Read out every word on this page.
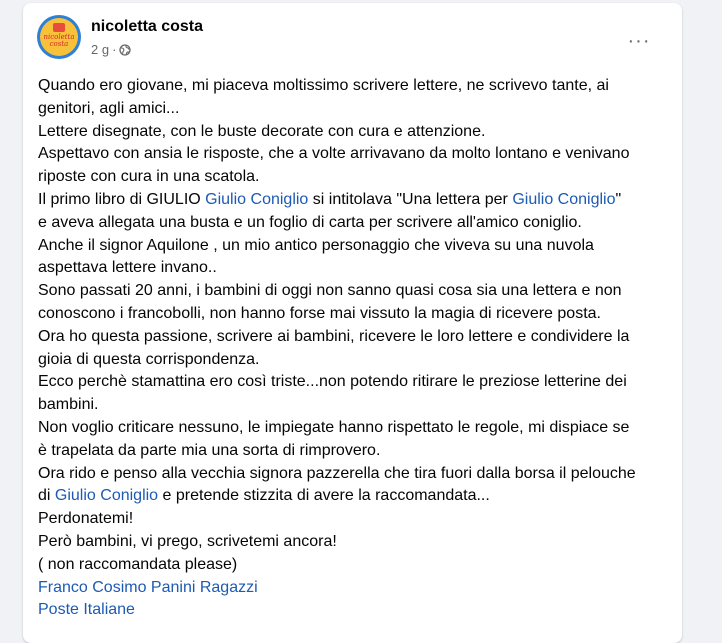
nicoletta costa
nicoletta costa
2 g ·	···
Quando ero giovane, mi piaceva moltissimo scrivere lettere, ne scrivevo tante, ai
genitori, agli amici...
Lettere disegnate, con le buste decorate con cura e attenzione.
Aspettavo con ansia le risposte, che a volte arrivavano da molto lontano e venivano
riposte con cura in una scatola.
Il primo libro di GIULIO Giulio Coniglio si intitolava "Una lettera per Giulio Coniglio"
e aveva allegata una busta e un foglio di carta per scrivere all'amico coniglio.
Anche il signor Aquilone , un mio antico personaggio che viveva su una nuvola
aspettava lettere invano..
Sono passati 20 anni, i bambini di oggi non sanno quasi cosa sia una lettera e non
conoscono i francobolli, non hanno forse mai vissuto la magia di ricevere posta.
Ora ho questa passione, scrivere ai bambini, ricevere le loro lettere e condividere la
gioia di questa corrispondenza.
Ecco perchè stamattina ero così triste...non potendo ritirare le preziose letterine dei
bambini.
Non voglio criticare nessuno, le impiegate hanno rispettato le regole, mi dispiace se
è trapelata da parte mia una sorta di rimprovero.
Ora rido e penso alla vecchia signora pazzerella che tira fuori dalla borsa il pelouche
di Giulio Coniglio e pretende stizzita di avere la raccomandata...
Perdonatemi!
Però bambini, vi prego, scrivetemi ancora!
( non raccomandata please)
Franco Cosimo Panini Ragazzi
Poste Italiane
